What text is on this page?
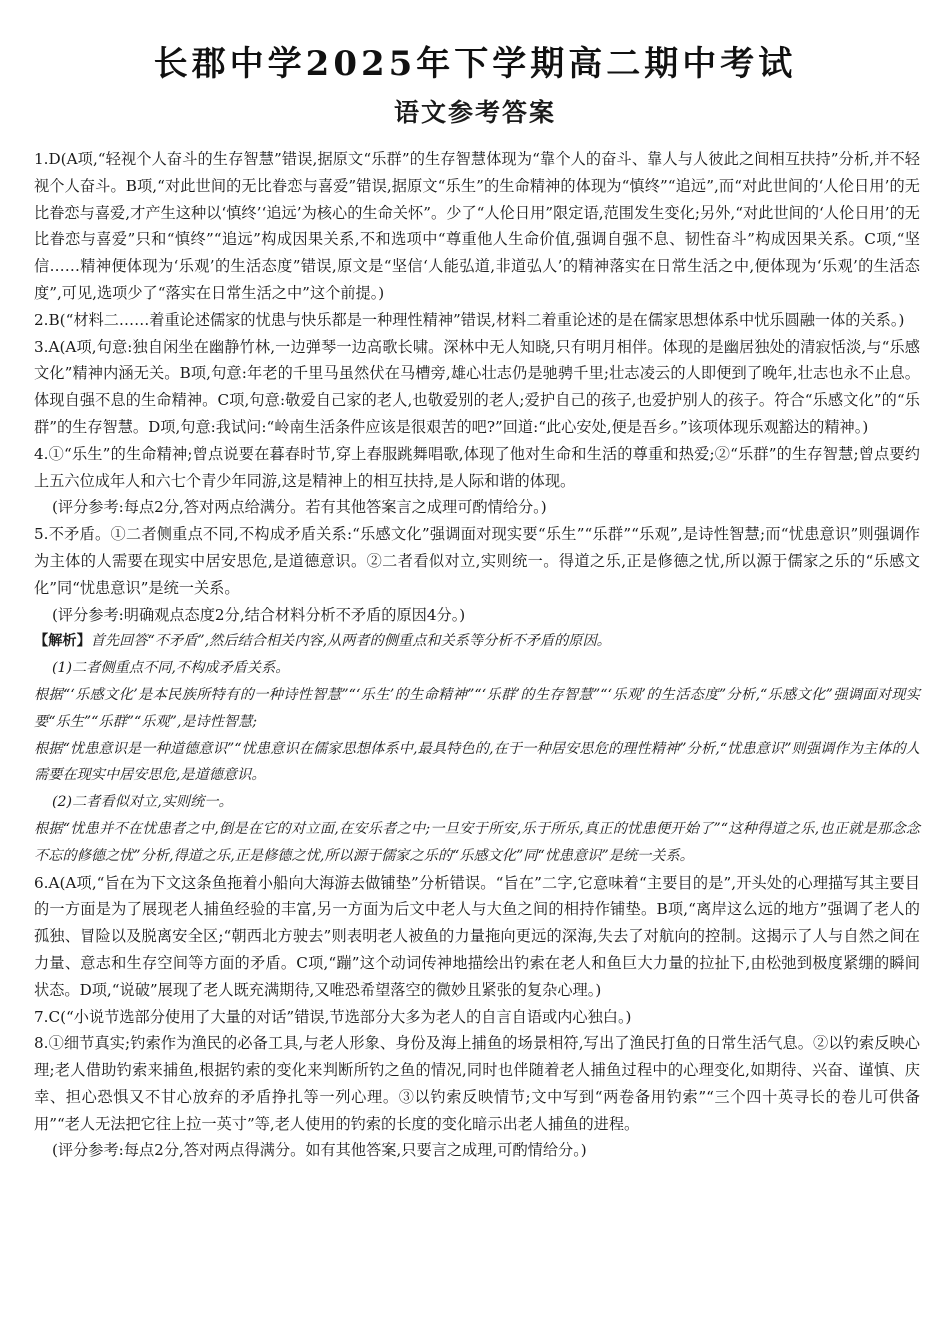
长郡中学2025年下学期高二期中考试
语文参考答案

1.D(A项,“轻视个人奋斗的生存智慧”错误,据原文“乐群”的生存智慧体现为“靠个人的奋斗、靠人与人彼此之间相互扶持”分析,并不轻视个人奋斗。B项,“对此世间的无比眷恋与喜爱”错误,据原文“乐生”的生命精神的体现为“慎终”“追远”,而“对此世间的‘人伦日用’的无比眷恋与喜爱,才产生这种以‘慎终’‘追远’为核心的生命关怀”。少了“人伦日用”限定语,范围发生变化;另外,“对此世间的‘人伦日用’的无比眷恋与喜爱”只和“慎终”“追远”构成因果关系,不和选项中“尊重他人生命价值,强调自强不息、韧性奋斗”构成因果关系。C项,“坚信……精神便体现为‘乐观’的生活态度”错误,原文是“坚信‘人能弘道,非道弘人’的精神落实在日常生活之中,便体现为‘乐观’的生活态度”,可见,选项少了“落实在日常生活之中”这个前提。)

2.B(“材料二……着重论述儒家的忧患与快乐都是一种理性精神”错误,材料二着重论述的是在儒家思想体系中忧乐圆融一体的关系。)

3.A(A项,句意:独自闲坐在幽静竹林,一边弹琴一边高歌长啸。深林中无人知晓,只有明月相伴。体现的是幽居独处的清寂恬淡,与“乐感文化”精神内涵无关。B项,句意:年老的千里马虽然伏在马槽旁,雄心壮志仍是驰骋千里;壮志凌云的人即便到了晚年,壮志也永不止息。体现自强不息的生命精神。C项,句意:敬爱自己家的老人,也敬爱别的老人;爱护自己的孩子,也爱护别人的孩子。符合“乐感文化”的“乐群”的生存智慧。D项,句意:我试问:“岭南生活条件应该是很艰苦的吧?”回道:“此心安处,便是吾乡。”该项体现乐观豁达的精神。)

4.①“乐生”的生命精神;曾点说要在暮春时节,穿上春服跳舞唱歌,体现了他对生命和生活的尊重和热爱;②“乐群”的生存智慧;曾点要约上五六位成年人和六七个青少年同游,这是精神上的相互扶持,是人际和谐的体现。

(评分参考:每点2分,答对两点给满分。若有其他答案言之成理可酌情给分。)

5.不矛盾。①二者侧重点不同,不构成矛盾关系:“乐感文化”强调面对现实要“乐生”“乐群”“乐观”,是诗性智慧;而“忧患意识”则强调作为主体的人需要在现实中居安思危,是道德意识。②二者看似对立,实则统一。得道之乐,正是修德之忧,所以源于儒家之乐的“乐感文化”同“忧患意识”是统一关系。

(评分参考:明确观点态度2分,结合材料分析不矛盾的原因4分。)

【解析】首先回答“不矛盾”,然后结合相关内容,从两者的侧重点和关系等分析不矛盾的原因。

(1)二者侧重点不同,不构成矛盾关系。

根据“‘乐感文化’是本民族所特有的一种诗性智慧”“‘乐生’的生命精神”“‘乐群’的生存智慧”“‘乐观’的生活态度”分析,“乐感文化”强调面对现实要“乐生”“乐群”“乐观”,是诗性智慧;

根据“忧患意识是一种道德意识”“忧患意识在儒家思想体系中,最具特色的,在于一种居安思危的理性精神”分析,“忧患意识”则强调作为主体的人需要在现实中居安思危,是道德意识。

(2)二者看似对立,实则统一。

根据“忧患并不在忧患者之中,倒是在它的对立面,在安乐者之中;一旦安于所安,乐于所乐,真正的忧患便开始了”“这种得道之乐,也正就是那念念不忘的修德之忧”分析,得道之乐,正是修德之忧,所以源于儒家之乐的“乐感文化”同“忧患意识”是统一关系。

6.A(A项,“旨在为下文这条鱼拖着小船向大海游去做铺垫”分析错误。“旨在”二字,它意味着“主要目的是”,开头处的心理描写其主要目的一方面是为了展现老人捕鱼经验的丰富,另一方面为后文中老人与大鱼之间的相持作铺垫。B项,“离岸这么远的地方”强调了老人的孤独、冒险以及脱离安全区;“朝西北方驶去”则表明老人被鱼的力量拖向更远的深海,失去了对航向的控制。这揭示了人与自然之间在力量、意志和生存空间等方面的矛盾。C项,“蹦”这个动词传神地描绘出钓索在老人和鱼巨大力量的拉扯下,由松弛到极度紧绷的瞬间状态。D项,“说破”展现了老人既充满期待,又唯恐希望落空的微妙且紧张的复杂心理。)

7.C(“小说节选部分使用了大量的对话”错误,节选部分大多为老人的自言自语或内心独白。)

8.①细节真实;钓索作为渔民的必备工具,与老人形象、身份及海上捕鱼的场景相符,写出了渔民打鱼的日常生活气息。②以钓索反映心理;老人借助钓索来捕鱼,根据钓索的变化来判断所钓之鱼的情况,同时也伴随着老人捕鱼过程中的心理变化,如期待、兴奋、谨慎、庆幸、担心恐惧又不甘心放弃的矛盾挣扎等一列心理。③以钓索反映情节;文中写到“两卷备用钓索”“三个四十英寻长的卷儿可供备用”“老人无法把它往上拉一英寸”等,老人使用的钓索的长度的变化暗示出老人捕鱼的进程。

(评分参考:每点2分,答对两点得满分。如有其他答案,只要言之成理,可酌情给分。)
